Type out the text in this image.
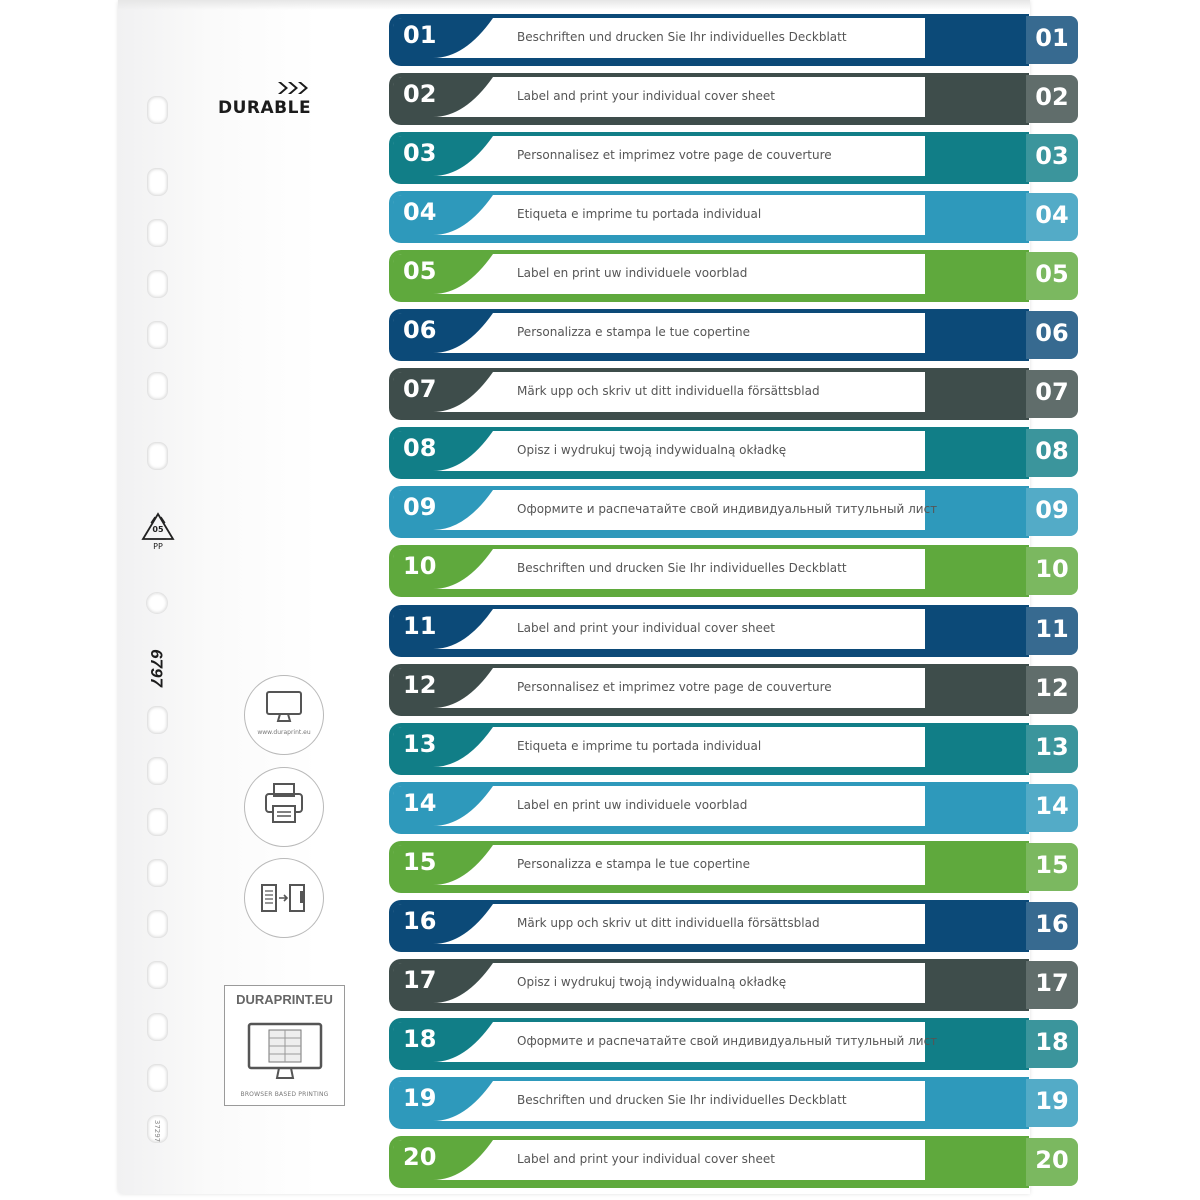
DURABLE
05
PP
6797
37297
www.duraprint.eu
DURAPRINT.EU
BROWSER BASED PRINTING
01	Beschriften und drucken Sie Ihr individuelles Deckblatt	01
02	Label and print your individual cover sheet	02
03	Personnalisez et imprimez votre page de couverture	03
04	Etiqueta e imprime tu portada individual	04
05	Label en print uw individuele voorblad	05
06	Personalizza e stampa le tue copertine	06
07	Märk upp och skriv ut ditt individuella försättsblad	07
08	Opisz i wydrukuj twoją indywidualną okładkę	08
09	Оформите и распечатайте свой индивидуальный титульный лист	09
10	Beschriften und drucken Sie Ihr individuelles Deckblatt	10
11	Label and print your individual cover sheet	11
12	Personnalisez et imprimez votre page de couverture	12
13	Etiqueta e imprime tu portada individual	13
14	Label en print uw individuele voorblad	14
15	Personalizza e stampa le tue copertine	15
16	Märk upp och skriv ut ditt individuella försättsblad	16
17	Opisz i wydrukuj twoją indywidualną okładkę	17
18	Оформите и распечатайте свой индивидуальный титульный лист	18
19	Beschriften und drucken Sie Ihr individuelles Deckblatt	19
20	Label and print your individual cover sheet	20
